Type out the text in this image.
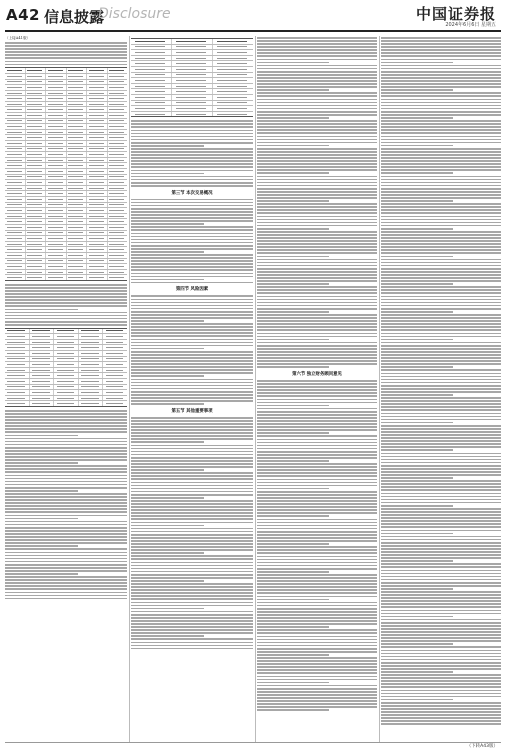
A42 信息披露
Disclosure	中国证券报
2024年6月6日 星期五
（上接A41版）
第三节 本次交易概况
第四节 风险因素
第五节 其他重要事项
第六节 独立财务顾问意见
（下转A43版）
